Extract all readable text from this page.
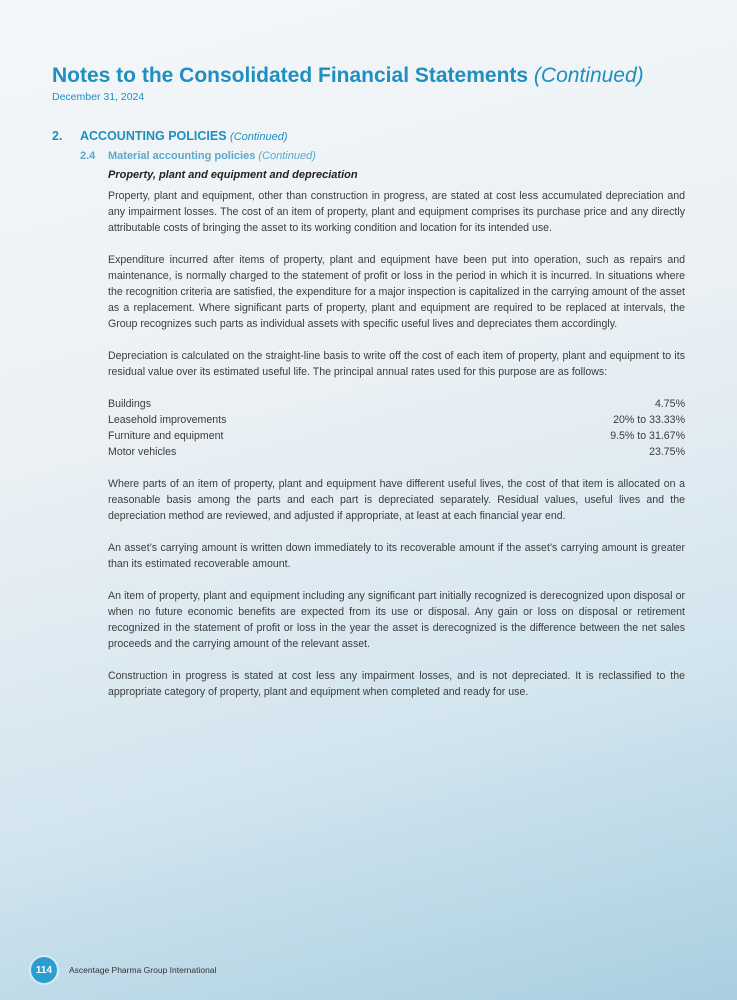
Notes to the Consolidated Financial Statements (Continued)
December 31, 2024
2. ACCOUNTING POLICIES (Continued)
2.4 Material accounting policies (Continued)
Property, plant and equipment and depreciation

Property, plant and equipment, other than construction in progress, are stated at cost less accumulated depreciation and any impairment losses. The cost of an item of property, plant and equipment comprises its purchase price and any directly attributable costs of bringing the asset to its working condition and location for its intended use.

Expenditure incurred after items of property, plant and equipment have been put into operation, such as repairs and maintenance, is normally charged to the statement of profit or loss in the period in which it is incurred. In situations where the recognition criteria are satisfied, the expenditure for a major inspection is capitalized in the carrying amount of the asset as a replacement. Where significant parts of property, plant and equipment are required to be replaced at intervals, the Group recognizes such parts as individual assets with specific useful lives and depreciates them accordingly.

Depreciation is calculated on the straight-line basis to write off the cost of each item of property, plant and equipment to its residual value over its estimated useful life. The principal annual rates used for this purpose are as follows:

Buildings	4.75%
Leasehold improvements	20% to 33.33%
Furniture and equipment	9.5% to 31.67%
Motor vehicles	23.75%

Where parts of an item of property, plant and equipment have different useful lives, the cost of that item is allocated on a reasonable basis among the parts and each part is depreciated separately. Residual values, useful lives and the depreciation method are reviewed, and adjusted if appropriate, at least at each financial year end.

An asset’s carrying amount is written down immediately to its recoverable amount if the asset’s carrying amount is greater than its estimated recoverable amount.

An item of property, plant and equipment including any significant part initially recognized is derecognized upon disposal or when no future economic benefits are expected from its use or disposal. Any gain or loss on disposal or retirement recognized in the statement of profit or loss in the year the asset is derecognized is the difference between the net sales proceeds and the carrying amount of the relevant asset.

Construction in progress is stated at cost less any impairment losses, and is not depreciated. It is reclassified to the appropriate category of property, plant and equipment when completed and ready for use.

114	Ascentage Pharma Group International
